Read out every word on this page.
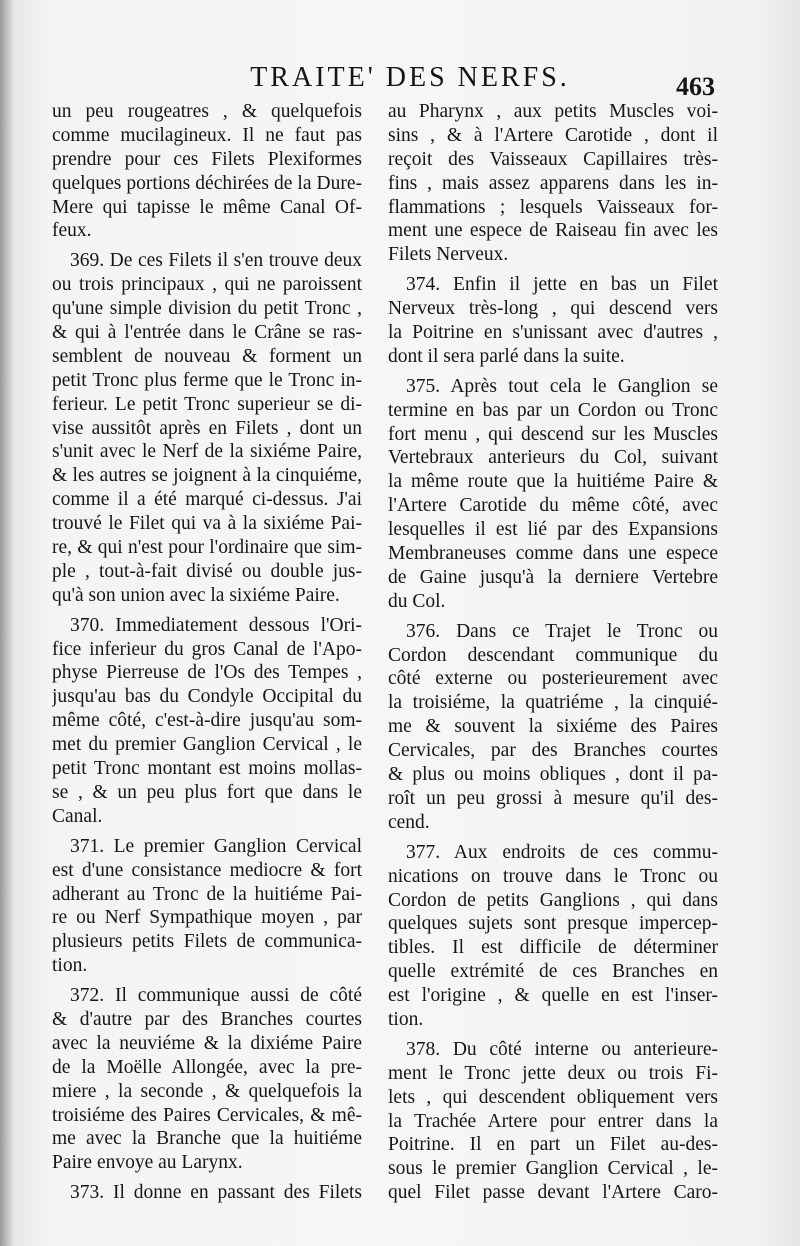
TRAITE' DES NERFS.	463
un peu rougeatres , & quelquefois
comme mucilagineux. Il ne faut pas
prendre pour ces Filets Plexiformes
quelques portions déchirées de la Dure-
Mere qui tapisse le même Canal Of-
feux.
369. De ces Filets il s'en trouve deux
ou trois principaux , qui ne paroissent
qu'une simple division du petit Tronc ,
& qui à l'entrée dans le Crâne se ras-
semblent de nouveau & forment un
petit Tronc plus ferme que le Tronc in-
ferieur. Le petit Tronc superieur se di-
vise aussitôt après en Filets , dont un
s'unit avec le Nerf de la sixiéme Paire,
& les autres se joignent à la cinquiéme,
comme il a été marqué ci-dessus. J'ai
trouvé le Filet qui va à la sixiéme Pai-
re, & qui n'est pour l'ordinaire que sim-
ple , tout-à-fait divisé ou double jus-
qu'à son union avec la sixiéme Paire.
370. Immediatement dessous l'Ori-
fice inferieur du gros Canal de l'Apo-
physe Pierreuse de l'Os des Tempes ,
jusqu'au bas du Condyle Occipital du
même côté, c'est-à-dire jusqu'au som-
met du premier Ganglion Cervical , le
petit Tronc montant est moins mollas-
se , & un peu plus fort que dans le
Canal.
371. Le premier Ganglion Cervical
est d'une consistance mediocre & fort
adherant au Tronc de la huitiéme Pai-
re ou Nerf Sympathique moyen , par
plusieurs petits Filets de communica-
tion.
372. Il communique aussi de côté
& d'autre par des Branches courtes
avec la neuviéme & la dixiéme Paire
de la Moëlle Allongée, avec la pre-
miere , la seconde , & quelquefois la
troisiéme des Paires Cervicales, & mê-
me avec la Branche que la huitiéme
Paire envoye au Larynx.
373. Il donne en passant des Filets
au Pharynx , aux petits Muscles voi-
sins , & à l'Artere Carotide , dont il
reçoit des Vaisseaux Capillaires très-
fins , mais assez apparens dans les in-
flammations ; lesquels Vaisseaux for-
ment une espece de Raiseau fin avec les
Filets Nerveux.
374. Enfin il jette en bas un Filet
Nerveux très-long , qui descend vers
la Poitrine en s'unissant avec d'autres ,
dont il sera parlé dans la suite.
375. Après tout cela le Ganglion se
termine en bas par un Cordon ou Tronc
fort menu , qui descend sur les Muscles
Vertebraux anterieurs du Col, suivant
la même route que la huitiéme Paire &
l'Artere Carotide du même côté, avec
lesquelles il est lié par des Expansions
Membraneuses comme dans une espece
de Gaine jusqu'à la derniere Vertebre
du Col.
376. Dans ce Trajet le Tronc ou
Cordon descendant communique du
côté externe ou posterieurement avec
la troisiéme, la quatriéme , la cinquié-
me & souvent la sixiéme des Paires
Cervicales, par des Branches courtes
& plus ou moins obliques , dont il pa-
roît un peu grossi à mesure qu'il des-
cend.
377. Aux endroits de ces commu-
nications on trouve dans le Tronc ou
Cordon de petits Ganglions , qui dans
quelques sujets sont presque impercep-
tibles. Il est difficile de déterminer
quelle extrémité de ces Branches en
est l'origine , & quelle en est l'inser-
tion.
378. Du côté interne ou anterieure-
ment le Tronc jette deux ou trois Fi-
lets , qui descendent obliquement vers
la Trachée Artere pour entrer dans la
Poitrine. Il en part un Filet au-des-
sous le premier Ganglion Cervical , le-
quel Filet passe devant l'Artere Caro-
